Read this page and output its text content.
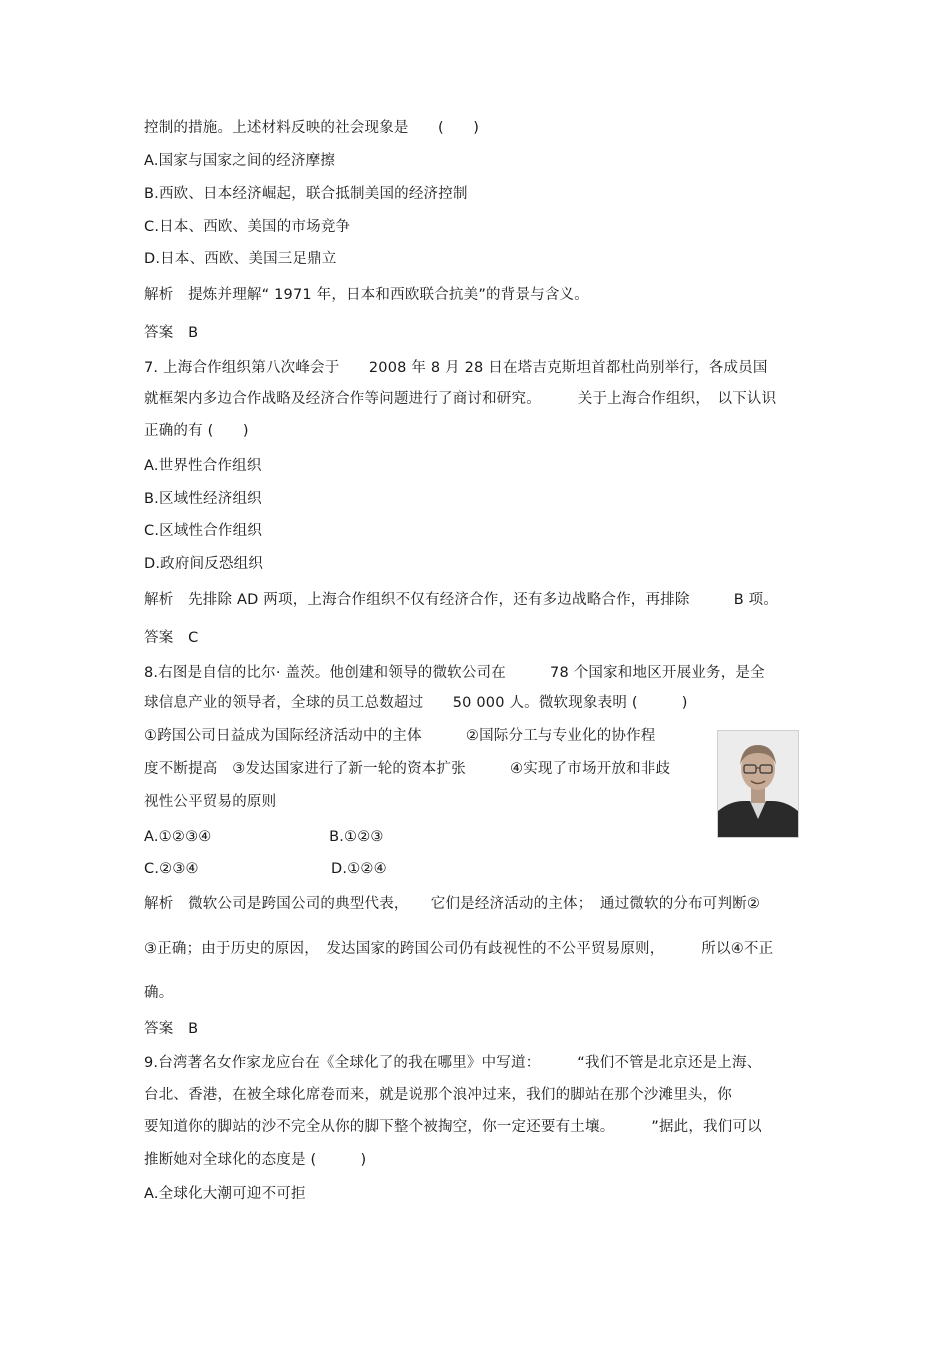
控制的措施。上述材料反映的社会现象是　　(　　)
A.国家与国家之间的经济摩擦
B.西欧、日本经济崛起，联合抵制美国的经济控制
C.日本、西欧、美国的市场竞争
D.日本、西欧、美国三足鼎立
解析　提炼并理解“ 1971 年，日本和西欧联合抗美”的背景与含义。
答案　B
7. 上海合作组织第八次峰会于　　2008 年 8 月 28 日在塔吉克斯坦首都杜尚别举行，各成员国
就框架内多边合作战略及经济合作等问题进行了商讨和研究。　　　关于上海合作组织，　以下认识
正确的有 (　　)
A.世界性合作组织
B.区域性经济组织
C.区域性合作组织
D.政府间反恐组织
解析　先排除 AD 两项，上海合作组织不仅有经济合作，还有多边战略合作，再排除　　　B 项。
答案　C
8.右图是自信的比尔· 盖茨。他创建和领导的微软公司在　　　78 个国家和地区开展业务，是全
球信息产业的领导者，全球的员工总数超过　　50 000 人。微软现象表明 (　　　)
①跨国公司日益成为国际经济活动中的主体　　　②国际分工与专业化的协作程
度不断提高　③发达国家进行了新一轮的资本扩张　　　④实现了市场开放和非歧
视性公平贸易的原则
A.①②③④　　　　　　　　B.①②③
C.②③④　　　　　　　　　D.①②④
解析　微软公司是跨国公司的典型代表，　　它们是经济活动的主体；　通过微软的分布可判断②
③正确；由于历史的原因，　发达国家的跨国公司仍有歧视性的不公平贸易原则，　　　所以④不正
确。
答案　B
9.台湾著名女作家龙应台在《全球化了的我在哪里》中写道：　　　“我们不管是北京还是上海、
台北、香港，在被全球化席卷而来，就是说那个浪冲过来，我们的脚站在那个沙滩里头，你
要知道你的脚站的沙不完全从你的脚下整个被掏空，你一定还要有土壤。　　　”据此，我们可以
推断她对全球化的态度是 (　　　)
A.全球化大潮可迎不可拒
